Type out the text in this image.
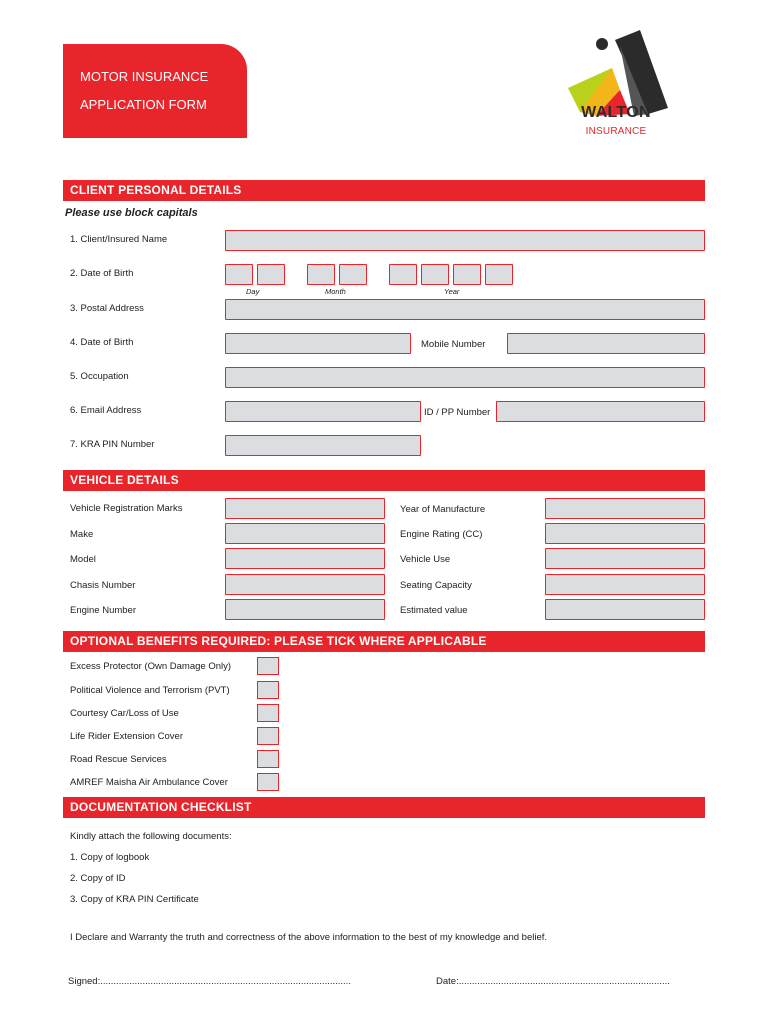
MOTOR INSURANCE
APPLICATION FORM	WALTON
INSURANCE
CLIENT PERSONAL DETAILS
Please use block capitals
1. Client/Insured Name
2. Date of Birth
Day	Month	Year
3. Postal Address
4. Date of Birth	Mobile Number
5. Occupation
6. Email Address	ID / PP Number
7. KRA PIN Number
VEHICLE DETAILS
Vehicle Registration Marks	Year of Manufacture
Make	Engine Rating (CC)
Model	Vehicle Use
Chasis Number	Seating Capacity
Engine Number	Estimated value
OPTIONAL BENEFITS REQUIRED: PLEASE TICK WHERE APPLICABLE
Excess Protector (Own Damage Only)
Political Violence and Terrorism (PVT)
Courtesy Car/Loss of Use
Life Rider Extension Cover
Road Rescue Services
AMREF Maisha Air Ambulance Cover
DOCUMENTATION CHECKLIST
Kindly attach the following documents:
1. Copy of logbook
2. Copy of ID
3. Copy of KRA PIN Certificate
I Declare and Warranty the truth and correctness of the above information to the best of my knowledge and belief.
Signed:...............................................................................................	Date:................................................................................
